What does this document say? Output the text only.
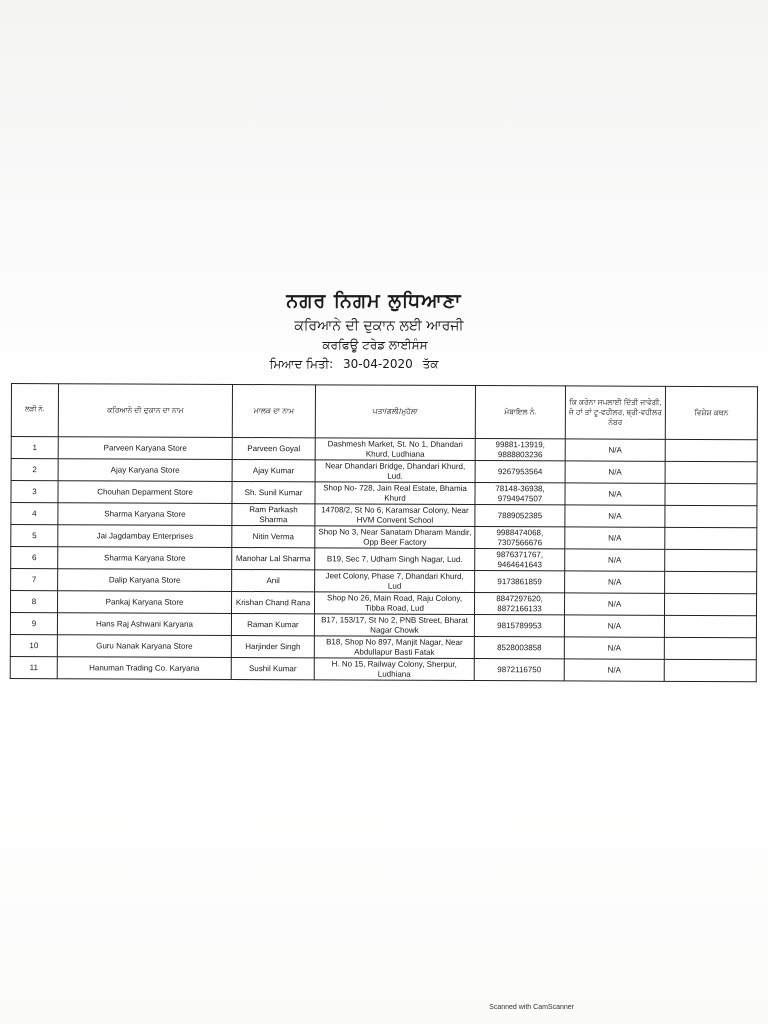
ਨਗਰ ਨਿਗਮ ਲੁਧਿਆਣਾ
ਕਰਿਆਨੇ ਦੀ ਦੁਕਾਨ ਲਈ ਆਰਜੀ
ਕਰਫਿਊ ਟਰੇਡ ਲਾਈਸੰਸ
ਮਿਆਦ ਮਿਤੀ: 30-04-2020 ਤੱਕ
ਲੜੀ ਨੰ.	ਕਰਿਆਨੇ ਦੀ ਦੁਕਾਨ ਦਾ ਨਾਮ	ਮਾਲਕ ਦਾ ਨਾਮ	ਪਤਾ/ਗਲੀ/ਮੁਹੱਲਾ	ਮੋਬਾਇਲ ਨੰ.	ਕਿ ਕਰੋਨਾ ਸਪਲਾਈ ਦਿੱਤੀ ਜਾਵੇਗੀ, ਜੇ ਹਾਂ ਤਾਂ ਟੂ-ਵਹੀਲਰ, ਥ੍ਰੀ-ਵਹੀਲਰ ਨੰਬਰ	ਵਿਸ਼ੇਸ਼ ਕਥਨ
1	Parveen Karyana Store	Parveen Goyal	Dashmesh Market, St. No 1, Dhandari Khurd, Ludhiana	99881-13919, 9888803236	N/A	
2	Ajay Karyana Store	Ajay Kumar	Near Dhandari Bridge, Dhandari Khurd, Lud.	9267953564	N/A	
3	Chouhan Deparment Store	Sh. Sunil Kumar	Shop No- 728, Jain Real Estate, Bhamia Khurd	78148-36938, 9794947507	N/A	
4	Sharma Karyana Store	Ram Parkash Sharma	14708/2, St No 6, Karamsar Colony, Near HVM Convent School	7889052385	N/A	
5	Jai Jagdambay Enterprises	Nitin Verma	Shop No 3, Near Sanatam Dharam Mandir, Opp Beer Factory	9988474068, 7307566676	N/A	
6	Sharma Karyana Store	Manohar Lal Sharma	B19, Sec 7, Udham Singh Nagar, Lud.	9876371767, 9464641643	N/A	
7	Dalip Karyana Store	Anil	Jeet Colony, Phase 7, Dhandari Khurd, Lud	9173861859	N/A	
8	Pankaj Karyana Store	Krishan Chand Rana	Shop No 26, Main Road, Raju Colony, Tibba Road, Lud	8847297620, 8872166133	N/A	
9	Hans Raj Ashwani Karyana	Raman Kumar	B17, 153/17, St No 2, PNB Street, Bharat Nagar Chowk	9815789953	N/A	
10	Guru Nanak Karyana Store	Harjinder Singh	B18, Shop No 897, Manjit Nagar, Near Abdullapur Basti Fatak	8528003858	N/A	
11	Hanuman Trading Co. Karyana	Sushil Kumar	H. No 15, Railway Colony, Sherpur, Ludhiana	9872116750	N/A	
Scanned with CamScanner
